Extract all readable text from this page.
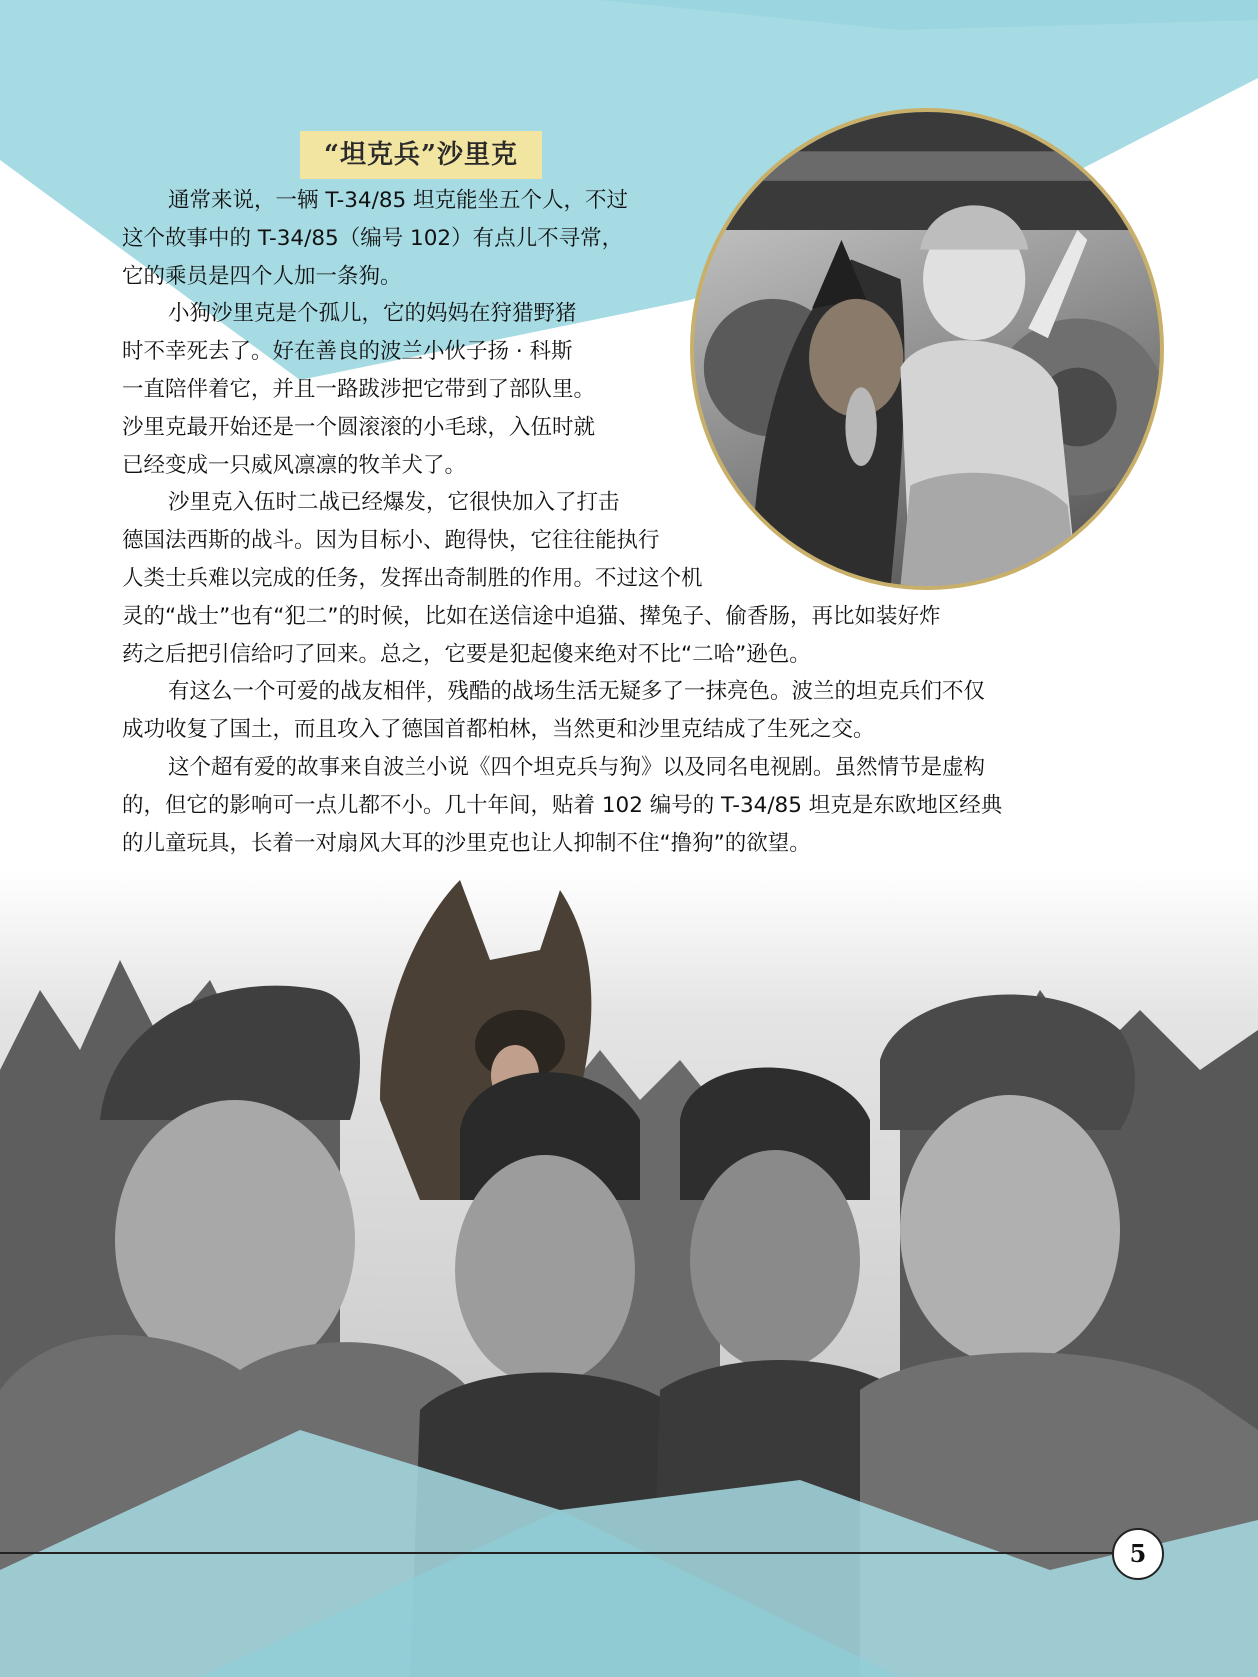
“坦克兵”沙里克

通常来说，一辆 T-34/85 坦克能坐五个人，不过
这个故事中的 T-34/85（编号 102）有点儿不寻常，
它的乘员是四个人加一条狗。

小狗沙里克是个孤儿，它的妈妈在狩猎野猪
时不幸死去了。好在善良的波兰小伙子扬 · 科斯
一直陪伴着它，并且一路跋涉把它带到了部队里。
沙里克最开始还是一个圆滚滚的小毛球，入伍时就
已经变成一只威风凛凛的牧羊犬了。

沙里克入伍时二战已经爆发，它很快加入了打击
德国法西斯的战斗。因为目标小、跑得快，它往往能执行
人类士兵难以完成的任务，发挥出奇制胜的作用。不过这个机
灵的“战士”也有“犯二”的时候，比如在送信途中追猫、撵兔子、偷香肠，再比如装好炸
药之后把引信给叼了回来。总之，它要是犯起傻来绝对不比“二哈”逊色。

有这么一个可爱的战友相伴，残酷的战场生活无疑多了一抹亮色。波兰的坦克兵们不仅
成功收复了国土，而且攻入了德国首都柏林，当然更和沙里克结成了生死之交。

这个超有爱的故事来自波兰小说《四个坦克兵与狗》以及同名电视剧。虽然情节是虚构
的，但它的影响可一点儿都不小。几十年间，贴着 102 编号的 T-34/85 坦克是东欧地区经典
的儿童玩具，长着一对扇风大耳的沙里克也让人抑制不住“撸狗”的欲望。

5
